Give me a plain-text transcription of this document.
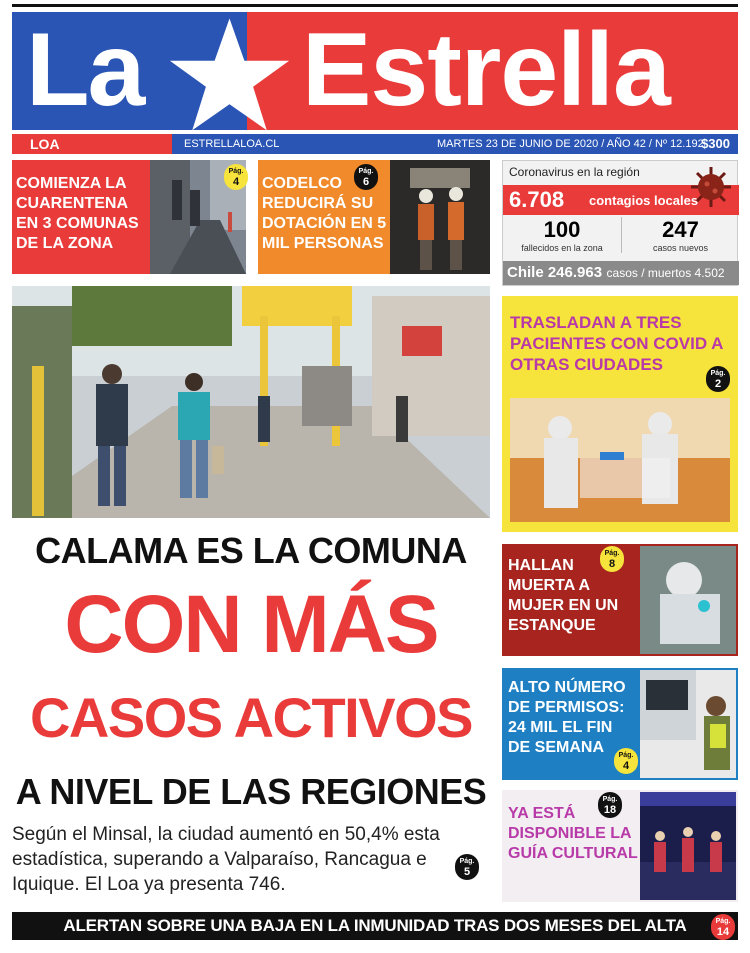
La Estrella
LOA	ESTRELLALOA.CL	MARTES 23 DE JUNIO DE 2020 / AÑO 42 / Nº 12.192
$300
COMIENZA LA CUARENTENA EN 3 COMUNAS DE LA ZONA
Pág.
4	CODELCO REDUCIRÁ SU DOTACIÓN EN 5 MIL PERSONAS
Pág.
6
Coronavirus en la región
6.708 contagios locales
100
fallecidos en la zona
247
casos nuevos
Chile 246.963 casos / muertos 4.502
CALAMA ES LA COMUNA
CON MÁS
CASOS ACTIVOS
A NIVEL DE LAS REGIONES
Según el Minsal, la ciudad aumentó en 50,4% esta estadística, superando a Valparaíso, Rancagua e Iquique. El Loa ya presenta 746.
Pág.
5
TRASLADAN A TRES PACIENTES CON COVID A OTRAS CIUDADES	Pág.
2
HALLAN MUERTA A MUJER EN UN ESTANQUE
Pág.
8
ALTO NÚMERO DE PERMISOS: 24 MIL EL FIN DE SEMANA	Pág.
4
YA ESTÁ DISPONIBLE LA GUÍA CULTURAL
Pág.
18
ALERTAN SOBRE UNA BAJA EN LA INMUNIDAD TRAS DOS MESES DEL ALTA	Pág.
14
